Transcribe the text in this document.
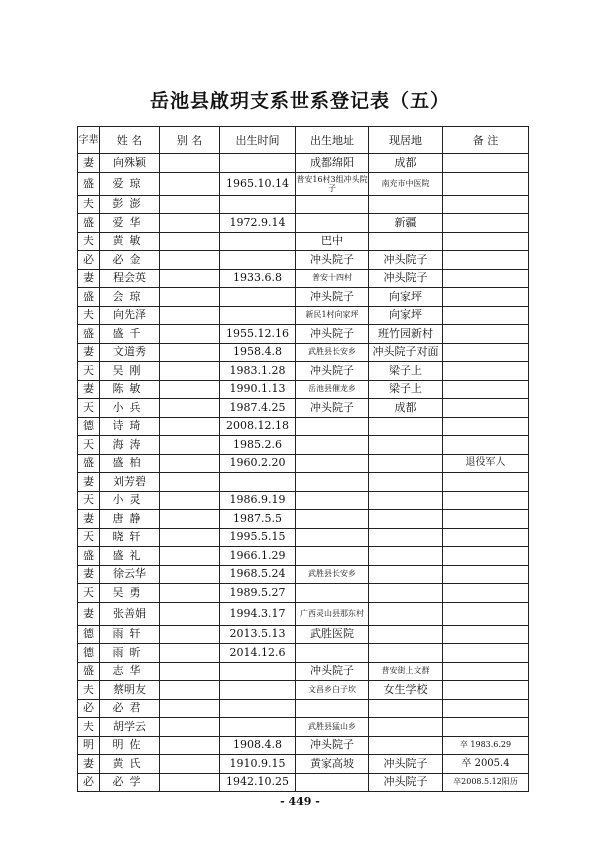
岳池县啟玥支系世系登记表（五）
字辈	姓 名	别 名	出生时间	出生地址	现居地	备 注
妻	向殊颖			成都绵阳	成都	
盛	爱琼		1965.10.14	普安16村3组冲头院子	南充市中医院	
夫	彭澎					
盛	爱华		1972.9.14		新疆	
夫	黄敏			巴中		
必	必金			冲头院子	冲头院子	
妻	程会英		1933.6.8	普安十四村	冲头院子	
盛	会琼			冲头院子	向家坪	
夫	向先泽			新民1村向家坪	向家坪	
盛	盛千		1955.12.16	冲头院子	班竹园新村	
妻	文道秀		1958.4.8	武胜县长安乡	冲头院子对面	
天	吴刚		1983.1.28	冲头院子	梁子上	
妻	陈敏		1990.1.13	岳池县催龙乡	梁子上	
天	小兵		1987.4.25	冲头院子	成都	
德	诗琦		2008.12.18			
天	海涛		1985.2.6			
盛	盛柏		1960.2.20			退役军人
妻	刘芳碧					
天	小灵		1986.9.19			
妻	唐静		1987.5.5			
天	晓轩		1995.5.15			
盛	盛礼		1966.1.29			
妻	徐云华		1968.5.24	武胜县长安乡		
天	吴勇		1989.5.27			
妻	张善娟		1994.3.17	广西灵山县那东村		
德	雨轩		2013.5.13	武胜医院		
德	雨昕		2014.12.6			
盛	志华			冲头院子	普安街上文群	
夫	蔡明友			文昌乡白子坎	女生学校	
必	必君					
夫	胡学云			武胜县猛山乡		
明	明佐		1908.4.8	冲头院子		卒 1983.6.29
妻	黄氏		1910.9.15	黄家高坡	冲头院子	卒 2005.4
必	必学		1942.10.25		冲头院子	卒2008.5.12阳历
- 449 -
